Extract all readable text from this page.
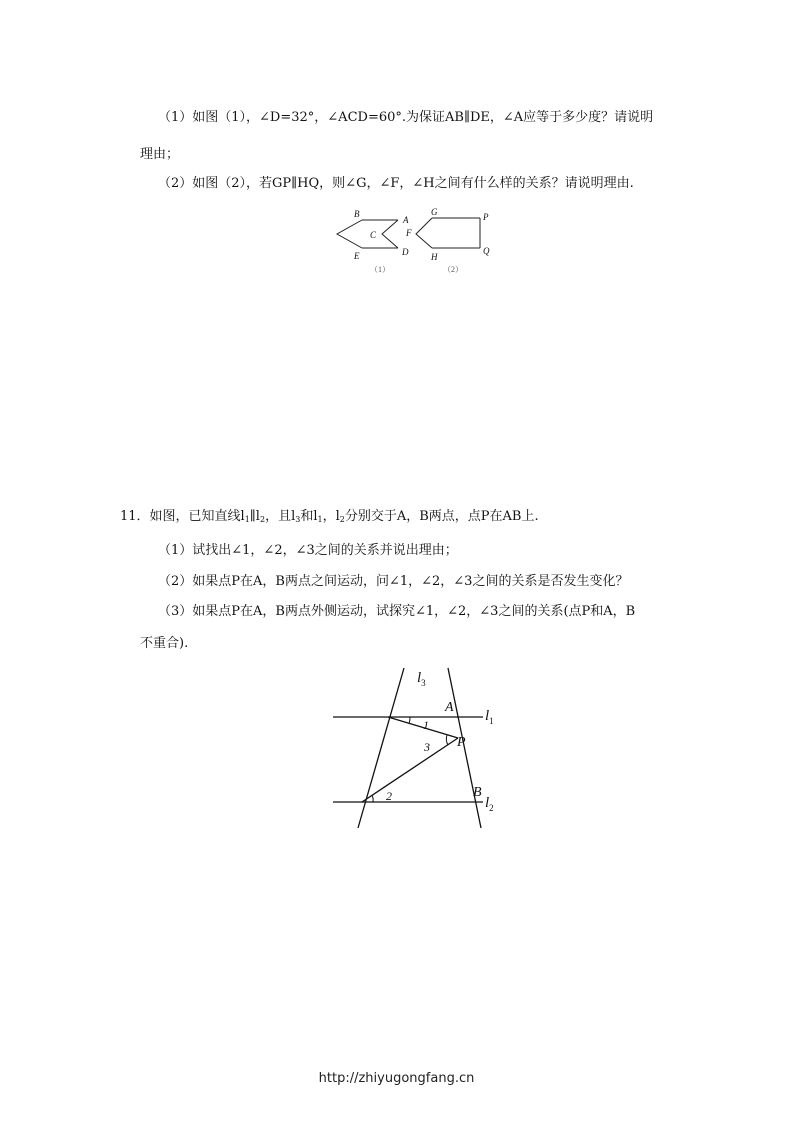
（1）如图（1），∠D=32°，∠ACD=60°.为保证AB∥DE，∠A应等于多少度？请说明
理由；
（2）如图（2），若GP∥HQ，则∠G，∠F，∠H之间有什么样的关系？请说明理由.
B
A
C
D
E
（1）
G	P
F
H
Q
（2）
11．如图，已知直线$l_1\parallel l_2$，且$l_3$和$l_1$，$l_2$分别交于A，B两点，点P在AB上.
（1）试找出∠1，∠2，∠3之间的关系并说出理由；
（2）如果点P在A，B两点之间运动，问∠1，∠2，∠3之间的关系是否发生变化？
（3）如果点P在A，B两点外侧运动，试探究∠1，∠2，∠3之间的关系(点P和A，B
不重合).
$l_3$
$l_1$
$l_2$
A
B
P
1
2
3
http://zhiyugongfang.cn
